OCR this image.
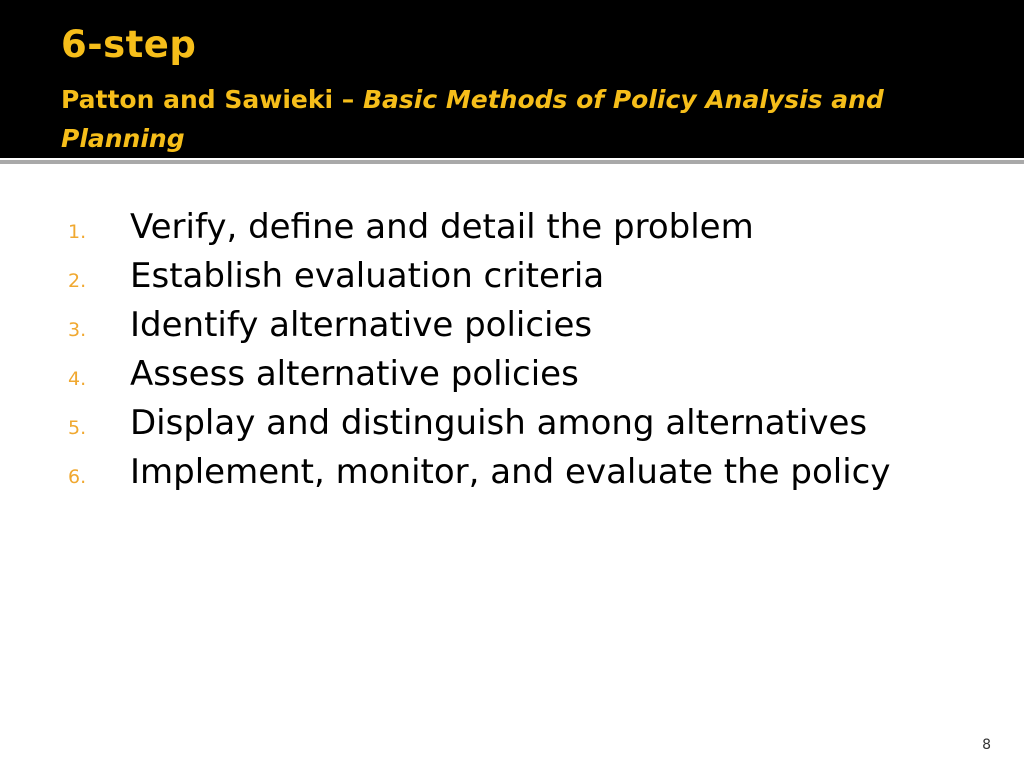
6-step
Patton and Sawieki – Basic Methods of Policy Analysis and Planning
1.	Verify, define and detail the problem
2.	Establish evaluation criteria
3.	Identify alternative policies
4.	Assess alternative policies
5.	Display and distinguish among alternatives
6.	Implement, monitor, and evaluate the policy
8
